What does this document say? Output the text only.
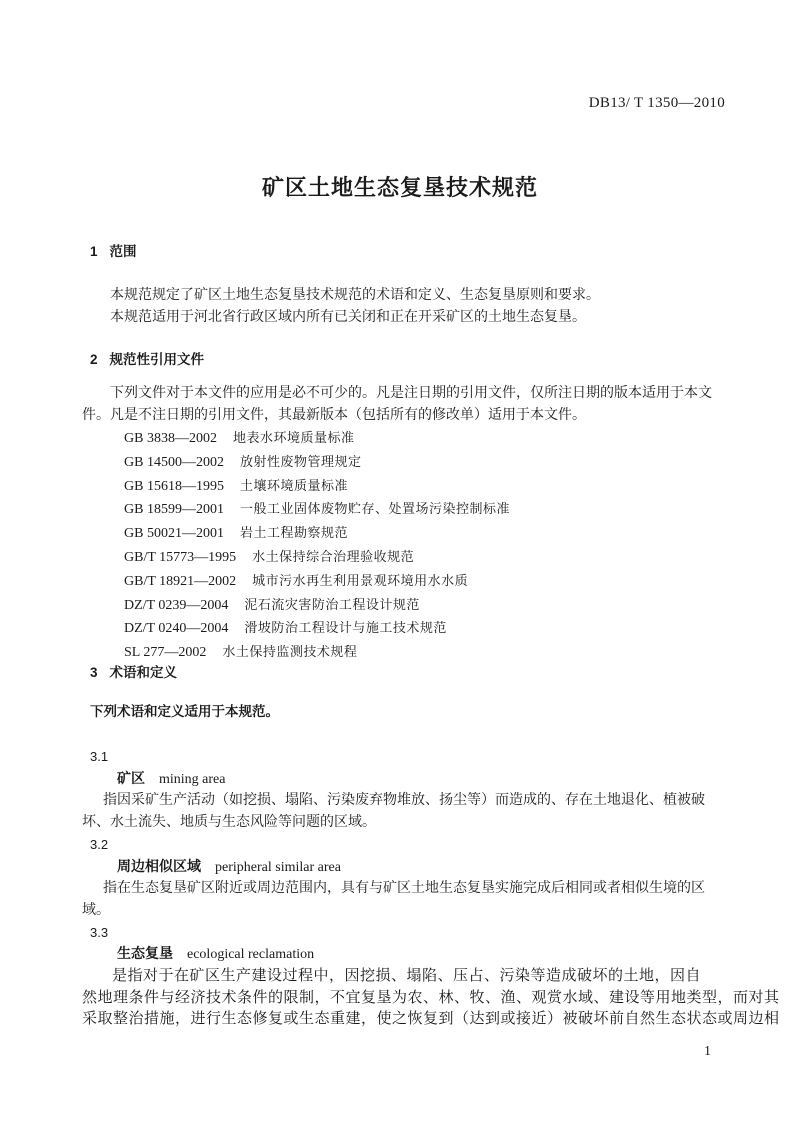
DB13/ T 1350—2010
矿区土地生态复垦技术规范
1 范围
本规范规定了矿区土地生态复垦技术规范的术语和定义、生态复垦原则和要求。
本规范适用于河北省行政区域内所有已关闭和正在开采矿区的土地生态复垦。
2 规范性引用文件
下列文件对于本文件的应用是必不可少的。凡是注日期的引用文件，仅所注日期的版本适用于本文
件。凡是不注日期的引用文件，其最新版本（包括所有的修改单）适用于本文件。
GB 3838—2002 地表水环境质量标准
GB 14500—2002 放射性废物管理规定
GB 15618—1995 土壤环境质量标准
GB 18599—2001 一般工业固体废物贮存、处置场污染控制标准
GB 50021—2001 岩土工程勘察规范
GB/T 15773—1995 水土保持综合治理验收规范
GB/T 18921—2002 城市污水再生利用景观环境用水水质
DZ/T 0239—2004 泥石流灾害防治工程设计规范
DZ/T 0240—2004 滑坡防治工程设计与施工技术规范
SL 277—2002 水土保持监测技术规程
3 术语和定义
下列术语和定义适用于本规范。
3.1
矿区 mining area
指因采矿生产活动（如挖损、塌陷、污染废弃物堆放、扬尘等）而造成的、存在土地退化、植被破
坏、水土流失、地质与生态风险等问题的区域。
3.2
周边相似区域 peripheral similar area
指在生态复垦矿区附近或周边范围内，具有与矿区土地生态复垦实施完成后相同或者相似生境的区
域。
3.3
生态复垦 ecological reclamation
是指对于在矿区生产建设过程中，因挖损、塌陷、压占、污染等造成破坏的土地，因自
然地理条件与经济技术条件的限制，不宜复垦为农、林、牧、渔、观赏水域、建设等用地类型，而对其
采取整治措施，进行生态修复或生态重建，使之恢复到（达到或接近）被破坏前自然生态状态或周边相
1
